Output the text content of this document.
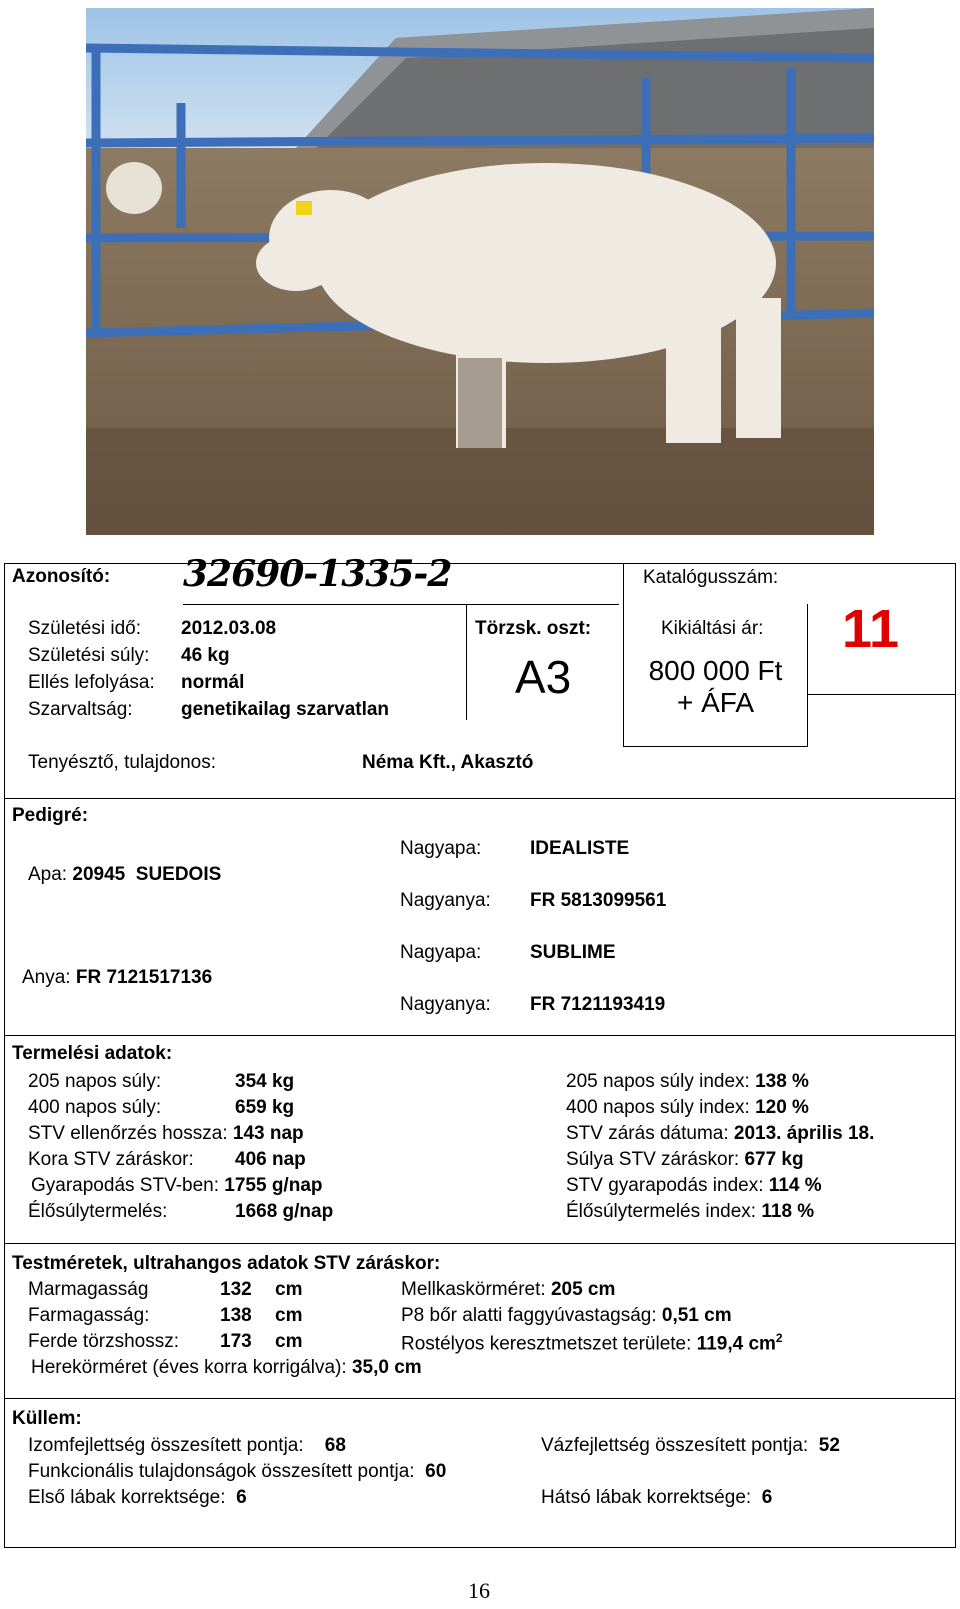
Azonosító: 32690-1335-2	Katalógusszám:
11
Születési idő: 2012.03.08
Születési súly: 46 kg
Ellés lefolyása: normál
Szarvaltság:	genetikailag szarvatlan
Törzsk. oszt:
A3
Kikiáltási ár:
800 000 Ft
+ ÁFA
Tenyésztő, tulajdonos:	Néma Kft., Akasztó
Pedigré:
Apa: 20945  SUEDOIS
Anya: FR 7121517136
Nagyapa:	IDEALISTE
Nagyanya: FR 5813099561
Nagyapa:	SUBLIME
Nagyanya: FR 7121193419
Termelési adatok:
205 napos súly:	354 kg
400 napos súly:	659 kg
STV ellenőrzés hossza: 143 nap
Kora STV záráskor: 406 nap
Gyarapodás STV-ben: 1755 g/nap
Élősúlytermelés:	1668 g/nap
205 napos súly index: 138 %
400 napos súly index: 120 %
STV zárás dátuma: 2013. április 18.
Súlya STV záráskor: 677 kg
STV gyarapodás index: 114 %
Élősúlytermelés index: 118 %
Testméretek, ultrahangos adatok STV záráskor:
Marmagasság	132 cm
Farmagasság:	138 cm
Ferde törzshossz: 173 cm
Mellkaskörméret: 205 cm
P8 bőr alatti faggyúvastagság: 0,51 cm
Rostélyos keresztmetszet területe: 119,4 $cm^2$
Herekörméret (éves korra korrigálva): 35,0 cm
Küllem:
Izomfejlettség összesített pontja: 68	Vázfejlettség összesített pontja: 52
Funkcionális tulajdonságok összesített pontja: 60
Első lábak korrektsége: 6	Hátsó lábak korrektsége: 6
16
